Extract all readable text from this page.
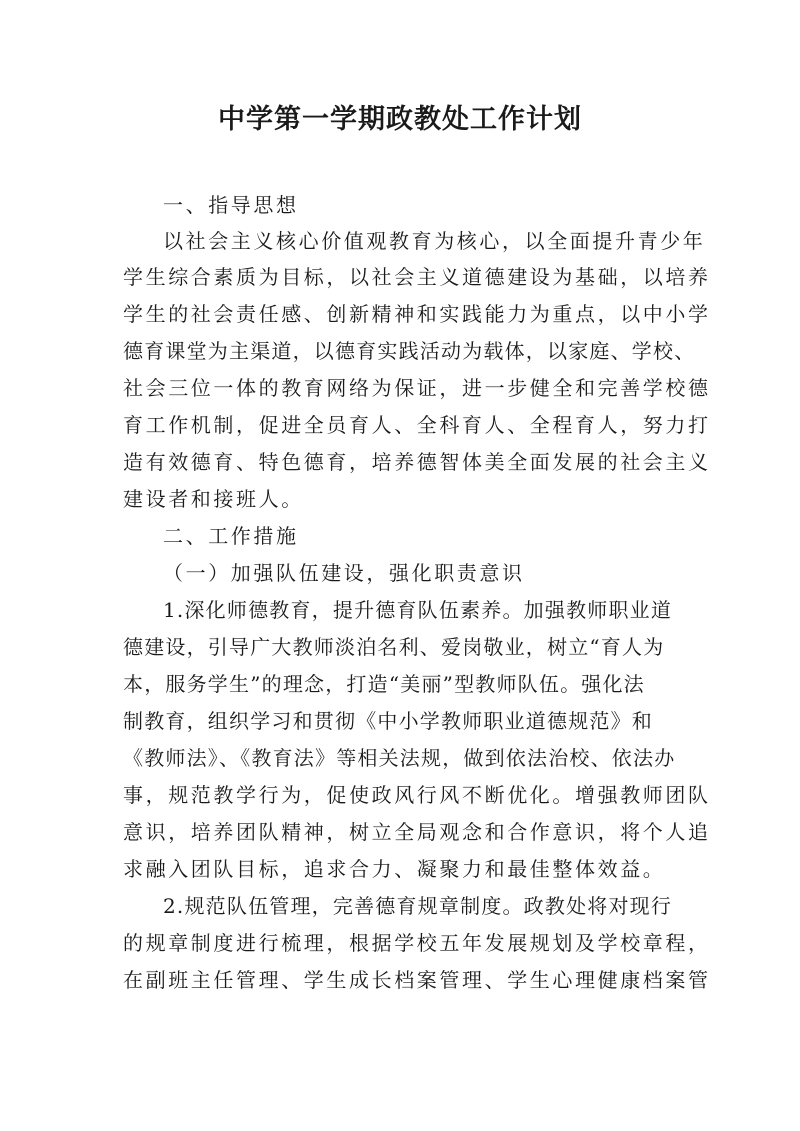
中学第一学期政教处工作计划

一、指导思想

以社会主义核心价值观教育为核心，以全面提升青少年

学生综合素质为目标，以社会主义道德建设为基础，以培养

学生的社会责任感、创新精神和实践能力为重点，以中小学

德育课堂为主渠道，以德育实践活动为载体，以家庭、学校、

社会三位一体的教育网络为保证，进一步健全和完善学校德

育工作机制，促进全员育人、全科育人、全程育人，努力打

造有效德育、特色德育，培养德智体美全面发展的社会主义

建设者和接班人。

二、工作措施

（一）加强队伍建设，强化职责意识

1.深化师德教育，提升德育队伍素养。加强教师职业道

德建设，引导广大教师淡泊名利、爱岗敬业，树立“育人为

本，服务学生”的理念，打造“美丽”型教师队伍。强化法

制教育，组织学习和贯彻《中小学教师职业道德规范》和

《教师法》、《教育法》等相关法规，做到依法治校、依法办

事，规范教学行为，促使政风行风不断优化。增强教师团队

意识，培养团队精神，树立全局观念和合作意识，将个人追

求融入团队目标，追求合力、凝聚力和最佳整体效益。

2.规范队伍管理，完善德育规章制度。政教处将对现行

的规章制度进行梳理，根据学校五年发展规划及学校章程，

在副班主任管理、学生成长档案管理、学生心理健康档案管
